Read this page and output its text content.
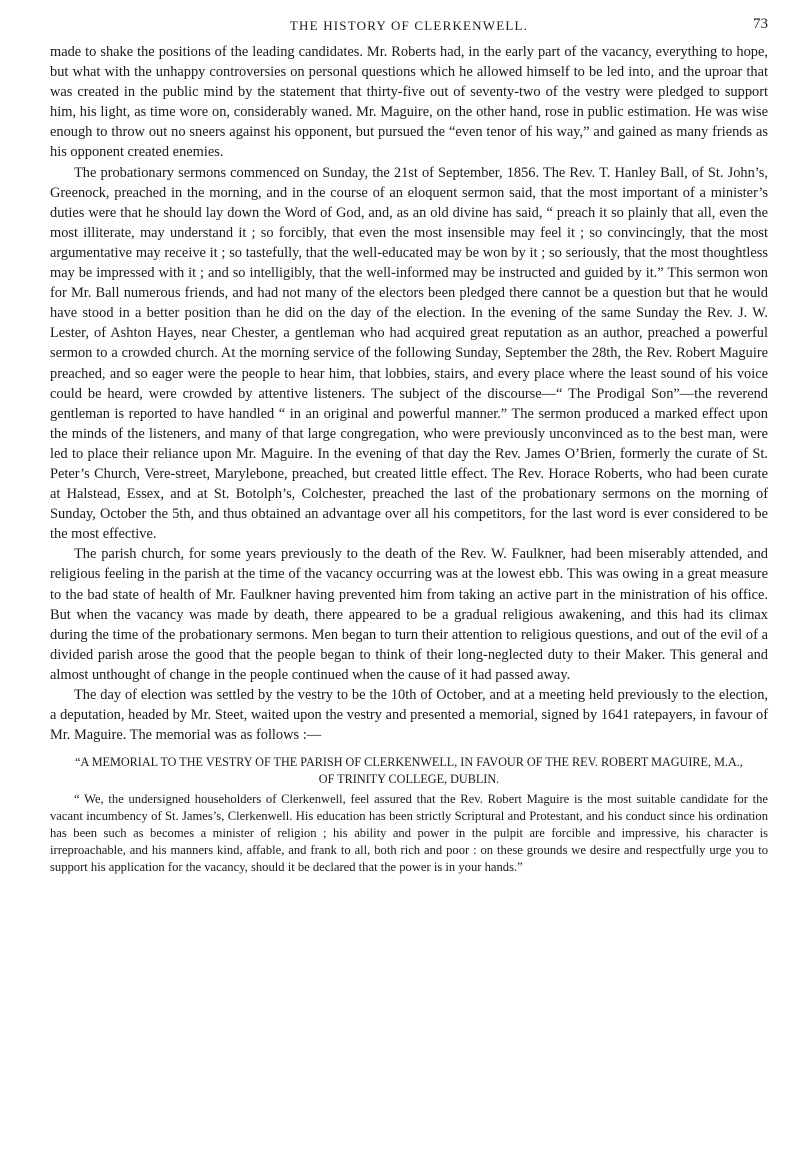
THE HISTORY OF CLERKENWELL.	73

made to shake the positions of the leading candidates. Mr. Roberts had, in the early part of the vacancy, everything to hope, but what with the unhappy controversies on personal questions which he allowed himself to be led into, and the uproar that was created in the public mind by the statement that thirty-five out of seventy-two of the vestry were pledged to support him, his light, as time wore on, considerably waned. Mr. Maguire, on the other hand, rose in public estimation. He was wise enough to throw out no sneers against his opponent, but pursued the “even tenor of his way,” and gained as many friends as his opponent created enemies.

The probationary sermons commenced on Sunday, the 21st of September, 1856. The Rev. T. Hanley Ball, of St. John’s, Greenock, preached in the morning, and in the course of an eloquent sermon said, that the most important of a minister’s duties were that he should lay down the Word of God, and, as an old divine has said, “ preach it so plainly that all, even the most illiterate, may understand it ; so forcibly, that even the most insensible may feel it ; so convincingly, that the most argumentative may receive it ; so tastefully, that the well-educated may be won by it ; so seriously, that the most thoughtless may be impressed with it ; and so intelligibly, that the well-informed may be instructed and guided by it.” This sermon won for Mr. Ball numerous friends, and had not many of the electors been pledged there cannot be a question but that he would have stood in a better position than he did on the day of the election. In the evening of the same Sunday the Rev. J. W. Lester, of Ashton Hayes, near Chester, a gentleman who had acquired great reputation as an author, preached a powerful sermon to a crowded church. At the morning service of the following Sunday, September the 28th, the Rev. Robert Maguire preached, and so eager were the people to hear him, that lobbies, stairs, and every place where the least sound of his voice could be heard, were crowded by attentive listeners. The subject of the discourse—“ The Prodigal Son”—the reverend gentleman is reported to have handled “ in an original and powerful manner.” The sermon produced a marked effect upon the minds of the listeners, and many of that large congregation, who were previously unconvinced as to the best man, were led to place their reliance upon Mr. Maguire. In the evening of that day the Rev. James O’Brien, formerly the curate of St. Peter’s Church, Vere-street, Marylebone, preached, but created little effect. The Rev. Horace Roberts, who had been curate at Halstead, Essex, and at St. Botolph’s, Colchester, preached the last of the probationary sermons on the morning of Sunday, October the 5th, and thus obtained an advantage over all his competitors, for the last word is ever considered to be the most effective.

The parish church, for some years previously to the death of the Rev. W. Faulkner, had been miserably attended, and religious feeling in the parish at the time of the vacancy occurring was at the lowest ebb. This was owing in a great measure to the bad state of health of Mr. Faulkner having prevented him from taking an active part in the ministration of his office. But when the vacancy was made by death, there appeared to be a gradual religious awakening, and this had its climax during the time of the probationary sermons. Men began to turn their attention to religious questions, and out of the evil of a divided parish arose the good that the people began to think of their long-neglected duty to their Maker. This general and almost unthought of change in the people continued when the cause of it had passed away.

The day of election was settled by the vestry to be the 10th of October, and at a meeting held previously to the election, a deputation, headed by Mr. Steet, waited upon the vestry and presented a memorial, signed by 1641 ratepayers, in favour of Mr. Maguire. The memorial was as follows :—

“A MEMORIAL TO THE VESTRY OF THE PARISH OF CLERKENWELL, IN FAVOUR OF THE REV. ROBERT MAGUIRE, M.A.,
OF TRINITY COLLEGE, DUBLIN.

“ We, the undersigned householders of Clerkenwell, feel assured that the Rev. Robert Maguire is the most suitable candidate for the vacant incumbency of St. James’s, Clerkenwell. His education has been strictly Scriptural and Protestant, and his conduct since his ordination has been such as becomes a minister of religion ; his ability and power in the pulpit are forcible and impressive, his character is irreproachable, and his manners kind, affable, and frank to all, both rich and poor : on these grounds we desire and respectfully urge you to support his application for the vacancy, should it be declared that the power is in your hands.”
